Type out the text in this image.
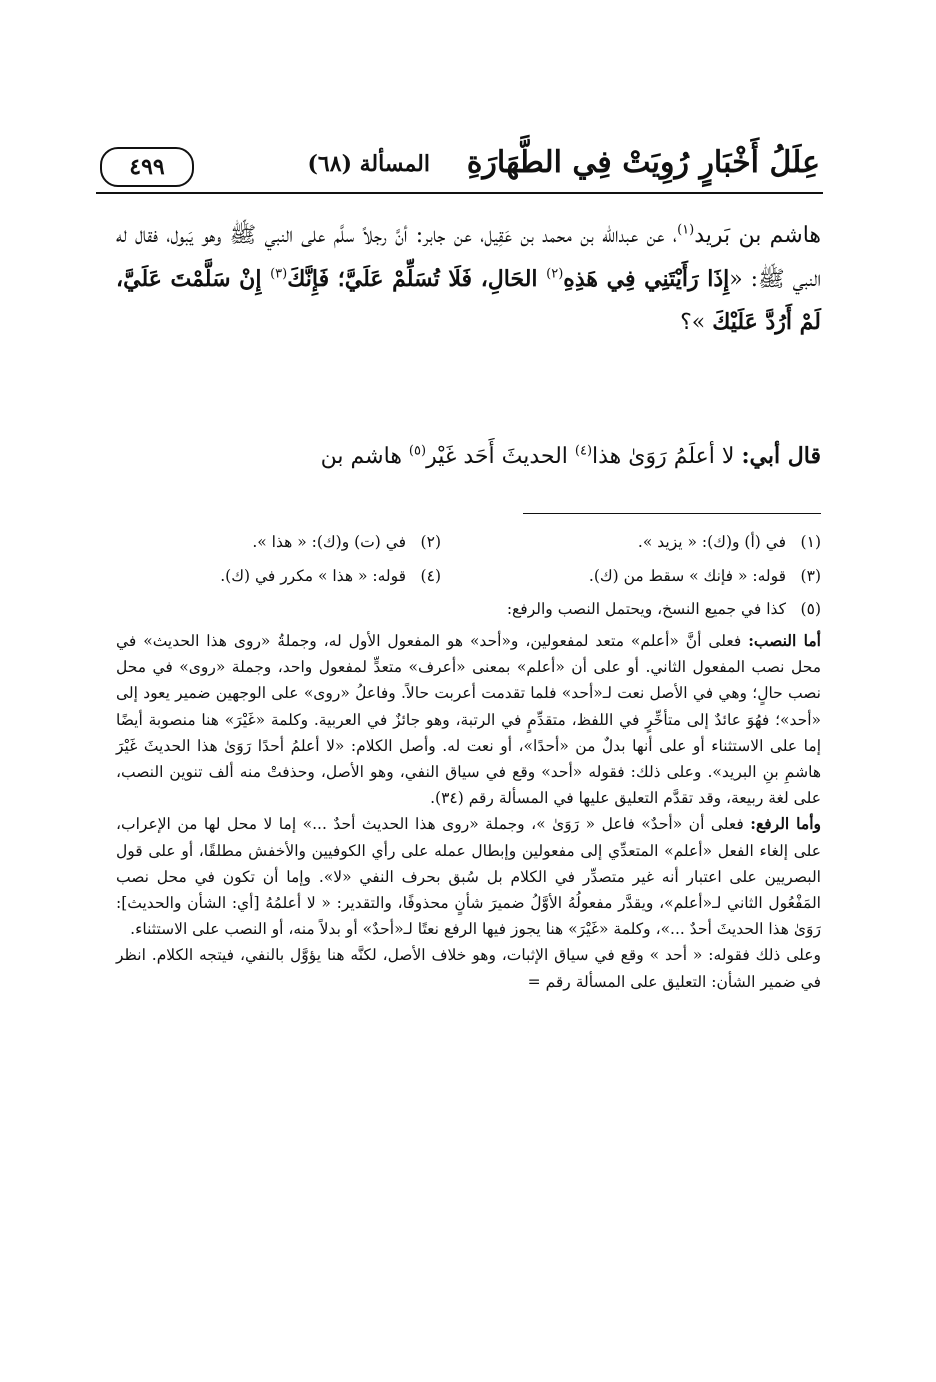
عِلَلُ أَخْبَارٍ رُوِيَتْ فِي الطَّهَارَةِ
المسألة (٦٨)
٤٩٩

هاشم بن بَريد$^{(١)}$، عن عبدالله بن محمد بن عَقِيل، عن جابر: أنَّ رجلاً سلَّم على النبي ﷺ وهو يَبول، فقال له النبي ﷺ: «إِذَا رَأَيْتَنِي فِي هَذِهِ$^{(٢)}$ الحَالِ، فَلَا تُسَلِّمْ عَلَيَّ؛ فَإِنَّكَ$^{(٣)}$ إِنْ سَلَّمْتَ عَلَيَّ، لَمْ أَرُدَّ عَلَيْكَ »؟

قال أبي: لا أعلَمُ رَوَىٰ هذا$^{(٤)}$ الحديثَ أَحَد غَيْر$^{(٥)}$ هاشم بن
(١) في (أ) و(ك): « يزيد ».
(٢) في (ت) و(ك): « هذا ».
(٣) قوله: « فإنك » سقط من (ك).
(٤) قوله: « هذا » مكرر في (ك).
(٥) كذا في جميع النسخ، ويحتمل النصب والرفع:

أما النصب: فعلى أنَّ «أعلم» متعد لمفعولين، و«أحد» هو المفعول الأول له، وجملةُ «روى هذا الحديث» في محل نصب المفعول الثاني. أو على أن «أعلم» بمعنى «أعرف» متعدٍّ لمفعول واحد، وجملة «روى» في محل نصب حالٍ؛ وهي في الأصل نعت لـ«أحد» فلما تقدمت أعربت حالاً. وفاعلُ «روى» على الوجهين ضمير يعود إلى «أحد»؛ فهُوَ عائدٌ إلى متأخِّرٍ في اللفظ، متقدِّمٍ في الرتبة، وهو جائزٌ في العربية. وكلمة «غَيْرَ» هنا منصوبة أيضًا إما على الاستثناء أو على أنها بدلٌ من «أحدًا»، أو نعت له. وأصل الكلام: «لا أعلمُ أحدًا رَوَىٰ هذا الحديثَ غَيْرَ هاشمِ بنِ البريد». وعلى ذلك: فقوله «أحد» وقع في سياق النفي، وهو الأصل، وحذفتْ منه ألف تنوين النصب، على لغة ربيعة، وقد تقدَّم التعليق عليها في المسألة رقم (٣٤).

وأما الرفع: فعلى أن «أحدٌ» فاعل « رَوَىٰ »، وجملة «روى هذا الحديث أحدٌ ...» إما لا محل لها من الإعراب، على إلغاء الفعل «أعلم» المتعدِّي إلى مفعولين وإبطال عمله على رأي الكوفيين والأخفش مطلقًا، أو على قول البصريين على اعتبار أنه غير متصدِّر في الكلام بل سُبق بحرف النفي «لا». وإما أن تكون في محل نصب المَفْعُول الثاني لـ«أعلم»، ويقدَّر مفعولُهُ الأوَّلُ ضميرَ شأنٍ محذوفًا، والتقدير: « لا أعلمُهُ [أي: الشأن والحديث]: رَوَىٰ هذا الحديثَ أحدٌ ...»، وكلمة «غَيْرَ» هنا يجوز فيها الرفع نعتًا لـ«أحدٌ» أو بدلاً منه، أو النصب على الاستثناء.

وعلى ذلك فقوله: « أحد » وقع في سياق الإثبات، وهو خلاف الأصل، لكنَّه هنا يؤوَّل بالنفي، فيتجه الكلام. انظر في ضمير الشأن: التعليق على المسألة رقم =
